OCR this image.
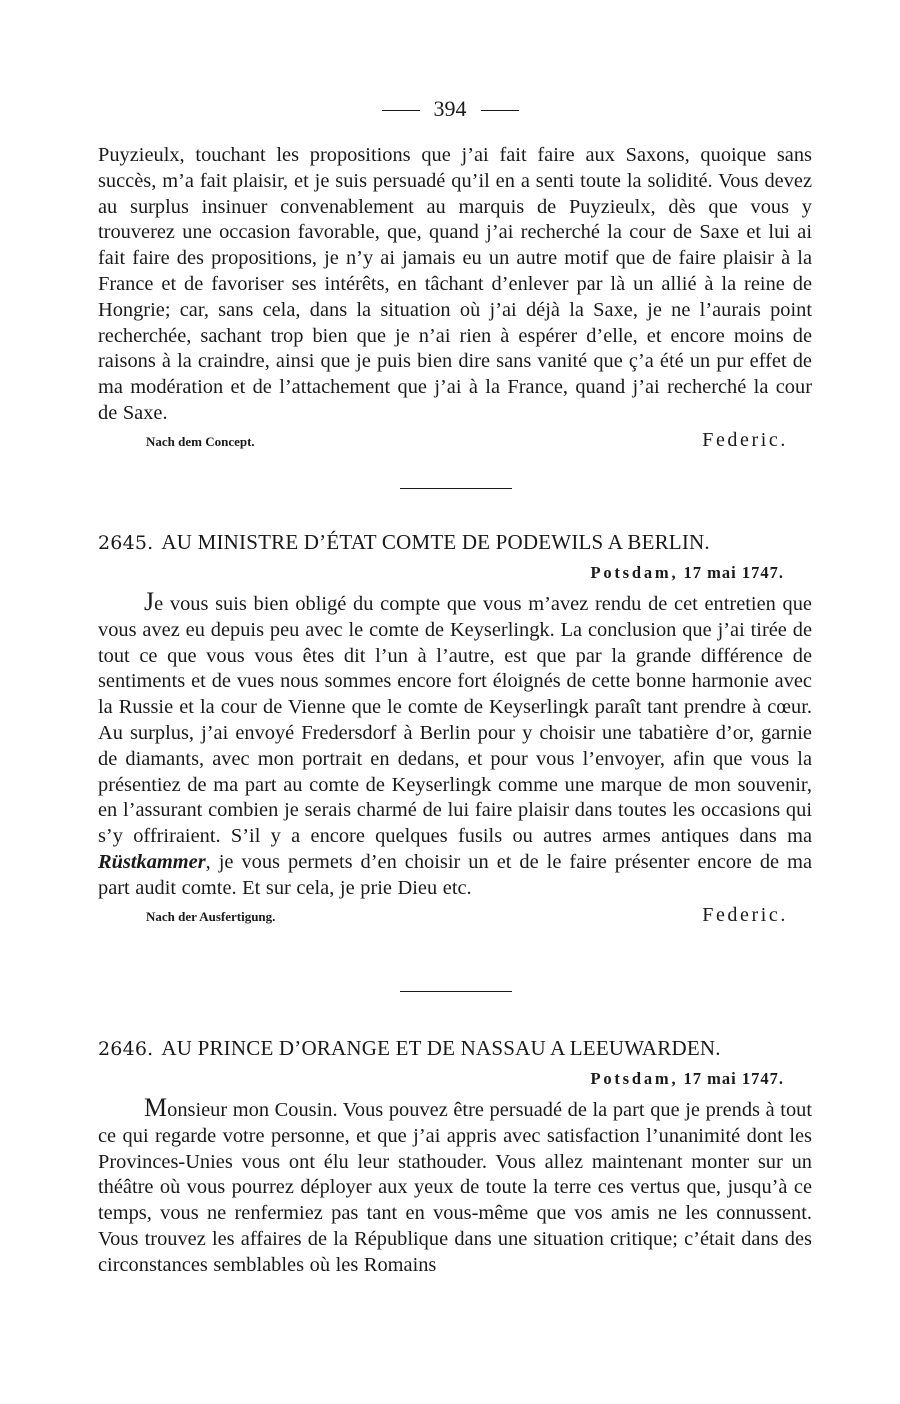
394

Puyzieulx, touchant les propositions que j’ai fait faire aux Saxons, quoique sans succès, m’a fait plaisir, et je suis persuadé qu’il en a senti toute la solidité. Vous devez au surplus insinuer convenablement au marquis de Puyzieulx, dès que vous y trouverez une occasion favorable, que, quand j’ai recherché la cour de Saxe et lui ai fait faire des propositions, je n’y ai jamais eu un autre motif que de faire plaisir à la France et de favoriser ses intérêts, en tâchant d’enlever par là un allié à la reine de Hongrie; car, sans cela, dans la situation où j’ai déjà la Saxe, je ne l’aurais point recherchée, sachant trop bien que je n’ai rien à espérer d’elle, et encore moins de raisons à la craindre, ainsi que je puis bien dire sans vanité que ç’a été un pur effet de ma modération et de l’attachement que j’ai à la France, quand j’ai recherché la cour de Saxe.

Nach dem Concept.	Federic.

2645. AU MINISTRE D’ÉTAT COMTE DE PODEWILS A BERLIN.

Potsdam, 17 mai 1747.

Je vous suis bien obligé du compte que vous m’avez rendu de cet entretien que vous avez eu depuis peu avec le comte de Keyserlingk. La conclusion que j’ai tirée de tout ce que vous vous êtes dit l’un à l’autre, est que par la grande différence de sentiments et de vues nous sommes encore fort éloignés de cette bonne harmonie avec la Russie et la cour de Vienne que le comte de Keyserlingk paraît tant prendre à cœur. Au surplus, j’ai envoyé Fredersdorf à Berlin pour y choisir une tabatière d’or, garnie de diamants, avec mon portrait en dedans, et pour vous l’envoyer, afin que vous la présentiez de ma part au comte de Keyserlingk comme une marque de mon souvenir, en l’assurant combien je serais charmé de lui faire plaisir dans toutes les occasions qui s’y offriraient. S’il y a encore quelques fusils ou autres armes antiques dans ma Rüstkammer, je vous permets d’en choisir un et de le faire présenter encore de ma part audit comte. Et sur cela, je prie Dieu etc.

Nach der Ausfertigung.	Federic.

2646. AU PRINCE D’ORANGE ET DE NASSAU A LEEUWARDEN.

Potsdam, 17 mai 1747.

Monsieur mon Cousin. Vous pouvez être persuadé de la part que je prends à tout ce qui regarde votre personne, et que j’ai appris avec satisfaction l’unanimité dont les Provinces-Unies vous ont élu leur stathouder. Vous allez maintenant monter sur un théâtre où vous pourrez déployer aux yeux de toute la terre ces vertus que, jusqu’à ce temps, vous ne renfermiez pas tant en vous-même que vos amis ne les connussent. Vous trouvez les affaires de la République dans une situation critique; c’était dans des circonstances semblables où les Romains
